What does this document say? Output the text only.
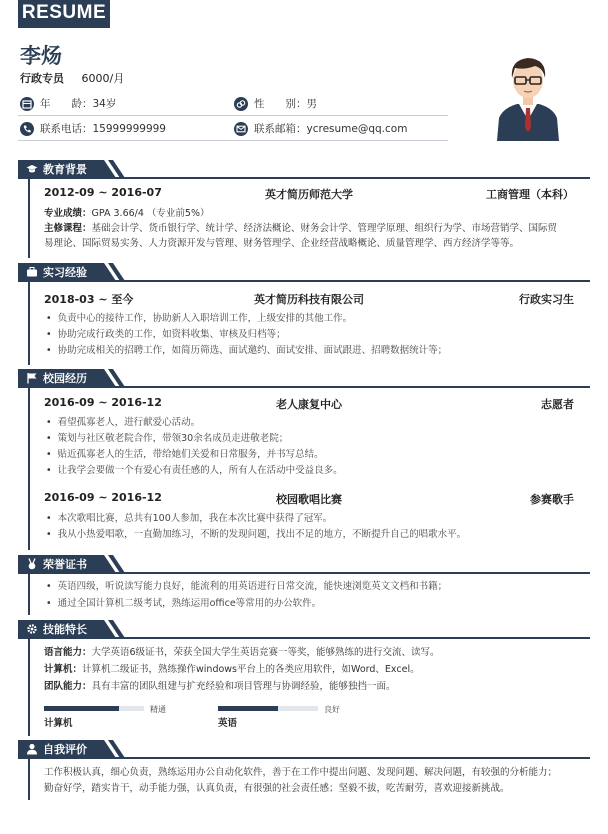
RESUME
李炀
行政专员 6000/月
年　　龄： 34岁	性　　别： 男
联系电话： 15999999999	联系邮箱： ycresume@qq.com
教育背景
2012-09 ~ 2016-07	英才简历师范大学	工商管理（本科）
专业成绩：GPA 3.66/4 （专业前5%）
主修课程：基础会计学、货币银行学、统计学、经济法概论、财务会计学、管理学原理、组织行为学、市场营销学、国际贸
易理论、国际贸易实务、人力资源开发与管理、财务管理学、企业经营战略概论、质量管理学、西方经济学等等。
实习经验
2018-03 ~ 至今	英才简历科技有限公司	行政实习生
• 负责中心的接待工作，协助新人入职培训工作，上级安排的其他工作。
• 协助完成行政类的工作，如资料收集、审核及归档等；
• 协助完成相关的招聘工作，如简历筛选、面试邀约、面试安排、面试跟进、招聘数据统计等；
校园经历
2016-09 ~ 2016-12	老人康复中心	志愿者
• 看望孤寡老人，进行献爱心活动。
• 策划与社区敬老院合作，带领30余名成员走进敬老院；
• 贴近孤寡老人的生活，带给她们关爱和日常服务，并书写总结。
• 让我学会要做一个有爱心有责任感的人，所有人在活动中受益良多。
2016-09 ~ 2016-12	校园歌唱比赛	参赛歌手
• 本次歌唱比赛，总共有100人参加，我在本次比赛中获得了冠军。
• 我从小热爱唱歌，一直勤加练习，不断的发现问题，找出不足的地方，不断提升自己的唱歌水平。
荣誉证书
• 英语四级，听说读写能力良好，能流利的用英语进行日常交流，能快速浏览英文文档和书籍；
• 通过全国计算机二级考试，熟练运用office等常用的办公软件。
技能特长
语言能力：大学英语6级证书，荣获全国大学生英语竞赛一等奖，能够熟练的进行交流、读写。
计算机：计算机二级证书，熟练操作windows平台上的各类应用软件，如Word、Excel。
团队能力：具有丰富的团队组建与扩充经验和项目管理与协调经验，能够独挡一面。
精通
计算机
良好
英语
自我评价
工作积极认真，细心负责，熟练运用办公自动化软件，善于在工作中提出问题、发现问题、解决问题，有较强的分析能力；
勤奋好学，踏实肯干，动手能力强，认真负责，有很强的社会责任感；坚毅不拔，吃苦耐劳，喜欢迎接新挑战。
